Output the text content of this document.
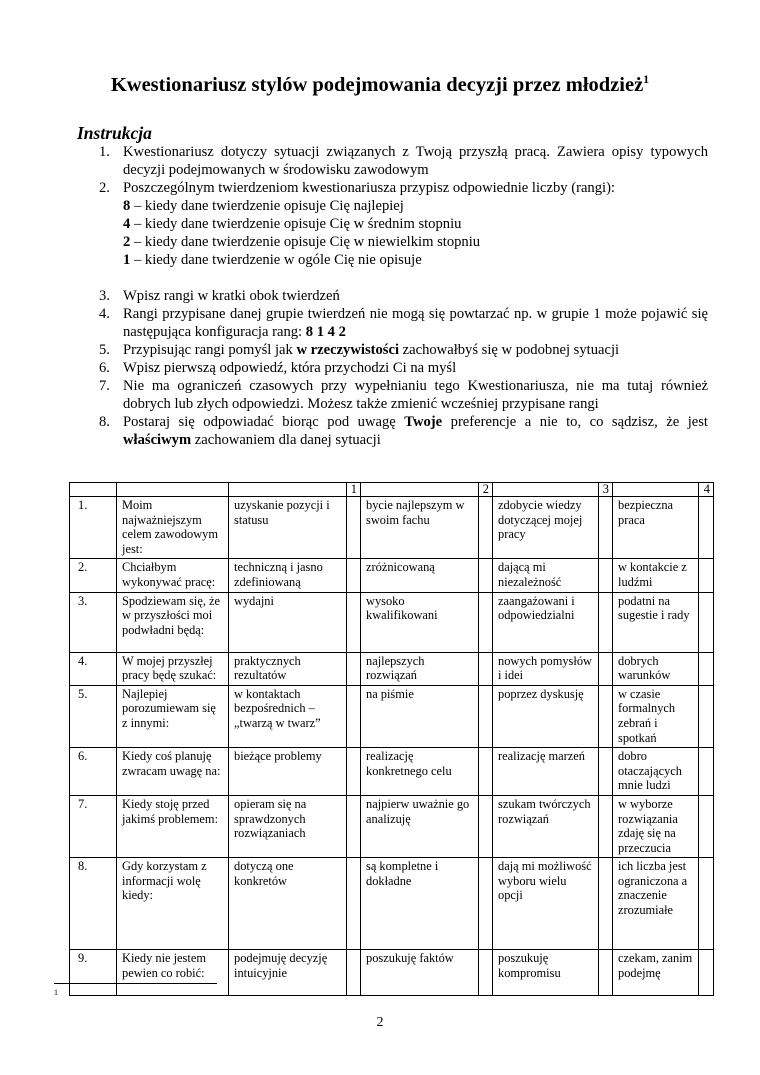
Kwestionariusz stylów podejmowania decyzji przez młodzież$^1$
Instrukcja
1. Kwestionariusz dotyczy sytuacji związanych z Twoją przyszłą pracą. Zawiera opisy typowych decyzji podejmowanych w środowisku zawodowym
2. Poszczególnym twierdzeniom kwestionariusza przypisz odpowiednie liczby (rangi):
8 – kiedy dane twierdzenie opisuje Cię najlepiej
4 – kiedy dane twierdzenie opisuje Cię w średnim stopniu
2 – kiedy dane twierdzenie opisuje Cię w niewielkim stopniu
1 – kiedy dane twierdzenie w ogóle Cię nie opisuje
3. Wpisz rangi w kratki obok twierdzeń
4. Rangi przypisane danej grupie twierdzeń nie mogą się powtarzać np. w grupie 1 może pojawić się następująca konfiguracja rang: 8 1 4 2
5. Przypisując rangi pomyśl jak w rzeczywistości zachowałbyś się w podobnej sytuacji
6. Wpisz pierwszą odpowiedź, która przychodzi Ci na myśl
7. Nie ma ograniczeń czasowych przy wypełnianiu tego Kwestionariusza, nie ma tutaj również dobrych lub złych odpowiedzi. Możesz także zmienić wcześniej przypisane rangi
8. Postaraj się odpowiadać biorąc pod uwagę Twoje preferencje a nie to, co sądzisz, że jest właściwym zachowaniem dla danej sytuacji
			1		2		3		4
1.	Moim najważniejszym celem zawodowym jest:	uzyskanie pozycji i statusu		bycie najlepszym w swoim fachu		zdobycie wiedzy dotyczącej mojej pracy		bezpieczna praca	
2.	Chciałbym wykonywać pracę:	techniczną i jasno zdefiniowaną		zróżnicowaną		dającą mi niezależność		w kontakcie z ludźmi	
3.	Spodziewam się, że w przyszłości moi podwładni będą:	wydajni		wysoko kwalifikowani		zaangażowani i odpowiedzialni		podatni na sugestie i rady	
4.	W mojej przyszłej pracy będę szukać:	praktycznych rezultatów		najlepszych rozwiązań		nowych pomysłów i idei		dobrych warunków	
5.	Najlepiej porozumiewam się z innymi:	w kontaktach bezpośrednich – „twarzą w twarz”		na piśmie		poprzez dyskusję		w czasie formalnych zebrań i spotkań	
6.	Kiedy coś planuję zwracam uwagę na:	bieżące problemy		realizację konkretnego celu		realizację marzeń		dobro otaczających mnie ludzi	
7.	Kiedy stoję przed jakimś problemem:	opieram się na sprawdzonych rozwiązaniach		najpierw uważnie go analizuję		szukam twórczych rozwiązań		w wyborze rozwiązania zdaję się na przeczucia	
8.	Gdy korzystam z informacji wolę kiedy:	dotyczą one konkretów		są kompletne i dokładne		dają mi możliwość wyboru wielu opcji		ich liczba jest ograniczona a znaczenie zrozumiałe	
9.	Kiedy nie jestem pewien co robić:	podejmuję decyzję intuicyjnie		poszukuję faktów		poszukuję kompromisu		czekam, zanim podejmę	
1
2
